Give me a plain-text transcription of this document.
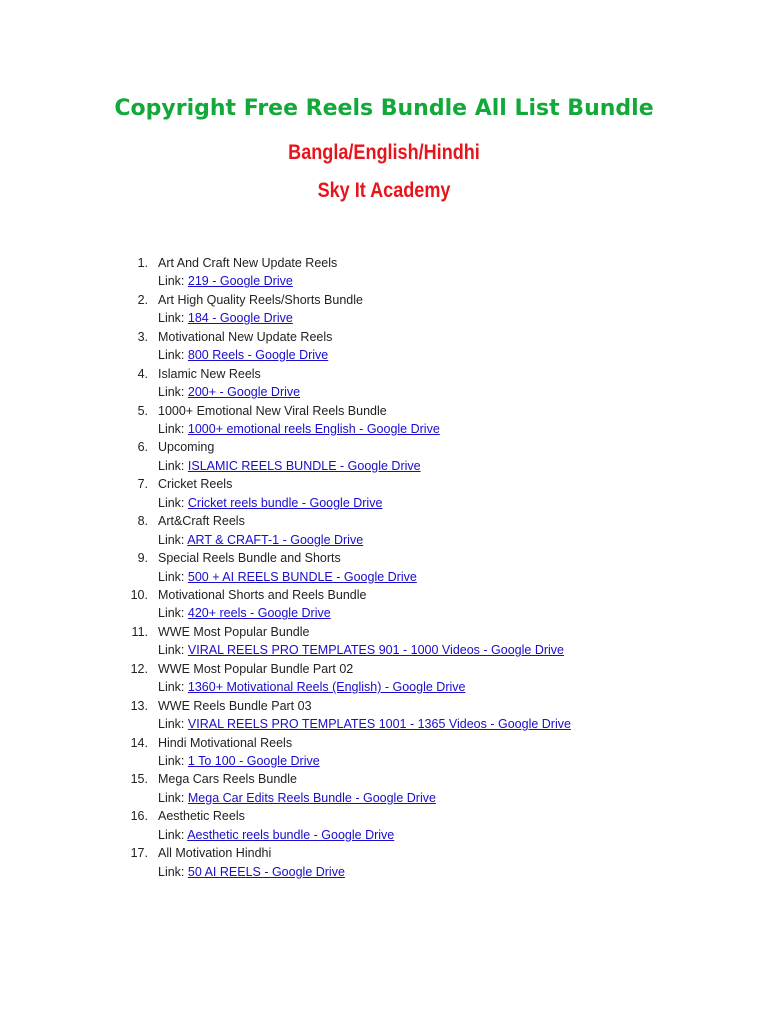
Copyright Free Reels Bundle All List Bundle
Bangla/English/Hindhi
Sky It Academy
1. Art And Craft New Update Reels
Link: 219 - Google Drive
2. Art High Quality Reels/Shorts Bundle
Link: 184 - Google Drive
3. Motivational New Update Reels
Link: 800 Reels - Google Drive
4. Islamic New Reels
Link: 200+ - Google Drive
5. 1000+ Emotional New Viral Reels Bundle
Link: 1000+ emotional reels English - Google Drive
6. Upcoming
Link: ISLAMIC REELS BUNDLE - Google Drive
7. Cricket Reels
Link: Cricket reels bundle - Google Drive
8. Art&Craft Reels
Link: ART & CRAFT-1 - Google Drive
9. Special Reels Bundle and Shorts
Link: 500 + AI REELS BUNDLE - Google Drive
10. Motivational Shorts and Reels Bundle
Link: 420+ reels - Google Drive
11. WWE Most Popular Bundle
Link: VIRAL REELS PRO TEMPLATES 901 - 1000 Videos - Google Drive
12. WWE Most Popular Bundle Part 02
Link: 1360+ Motivational Reels (English) - Google Drive
13. WWE Reels Bundle Part 03
Link: VIRAL REELS PRO TEMPLATES 1001 - 1365 Videos - Google Drive
14. Hindi Motivational Reels
Link: 1 To 100 - Google Drive
15. Mega Cars Reels Bundle
Link: Mega Car Edits Reels Bundle - Google Drive
16. Aesthetic Reels
Link: Aesthetic reels bundle - Google Drive
17. All Motivation Hindhi
Link: 50 AI REELS - Google Drive
